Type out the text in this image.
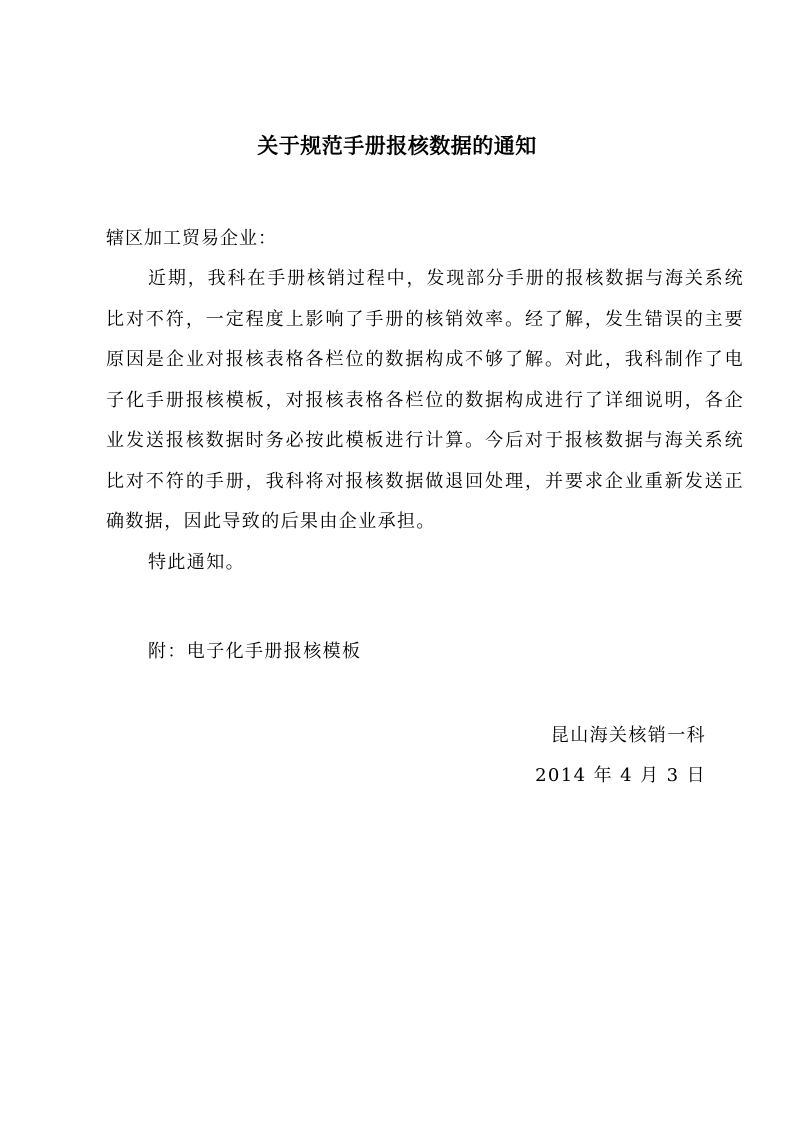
关于规范手册报核数据的通知

辖区加工贸易企业：

近期，我科在手册核销过程中，发现部分手册的报核数据与海关系统比对不符，一定程度上影响了手册的核销效率。经了解，发生错误的主要原因是企业对报核表格各栏位的数据构成不够了解。对此，我科制作了电子化手册报核模板，对报核表格各栏位的数据构成进行了详细说明，各企业发送报核数据时务必按此模板进行计算。今后对于报核数据与海关系统比对不符的手册，我科将对报核数据做退回处理，并要求企业重新发送正确数据，因此导致的后果由企业承担。

特此通知。

附：电子化手册报核模板

昆山海关核销一科

2014 年 4 月 3 日
